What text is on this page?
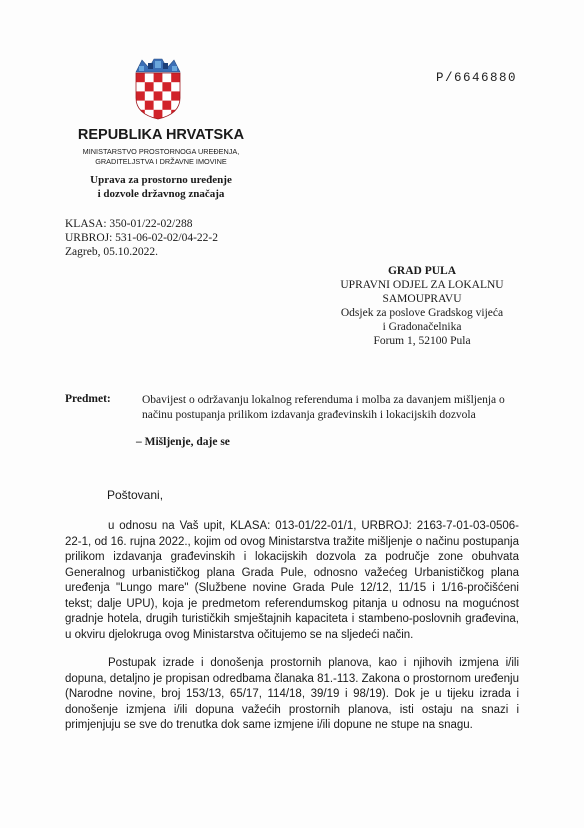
P/6646880
REPUBLIKA HRVATSKA
MINISTARSTVO PROSTORNOGA UREĐENJA,
GRADITELJSTVA I DRŽAVNE IMOVINE
Uprava za prostorno uređenje
i dozvole državnog značaja
KLASA: 350-01/22-02/288
URBROJ: 531-06-02-02/04-22-2
Zagreb, 05.10.2022.
GRAD PULA
UPRAVNI ODJEL ZA LOKALNU
SAMOUPRAVU
Odsjek za poslove Gradskog vijeća
i Gradonačelnika
Forum 1, 52100 Pula
Predmet:	Obavijest o održavanju lokalnog referenduma i molba za davanjem mišljenja o
načinu postupanja prilikom izdavanja građevinskih i lokacijskih dozvola
– Mišljenje, daje se
Poštovani,
u odnosu na Vaš upit, KLASA: 013-01/22-01/1, URBROJ: 2163-7-01-03-0506-22-1, od 16. rujna 2022., kojim od ovog Ministarstva tražite mišljenje o načinu postupanja prilikom izdavanja građevinskih i lokacijskih dozvola za područje zone obuhvata Generalnog urbanističkog plana Grada Pule, odnosno važećeg Urbanističkog plana uređenja "Lungo mare" (Službene novine Grada Pule 12/12, 11/15 i 1/16-pročišćeni tekst; dalje UPU), koja je predmetom referendumskog pitanja u odnosu na mogućnost gradnje hotela, drugih turističkih smještajnih kapaciteta i stambeno-poslovnih građevina, u okviru djelokruga ovog Ministarstva očitujemo se na sljedeći način.
Postupak izrade i donošenja prostornih planova, kao i njihovih izmjena i/ili dopuna, detaljno je propisan odredbama članaka 81.-113. Zakona o prostornom uređenju (Narodne novine, broj 153/13, 65/17, 114/18, 39/19 i 98/19). Dok je u tijeku izrada i donošenje izmjena i/ili dopuna važećih prostornih planova, isti ostaju na snazi i primjenjuju se sve do trenutka dok same izmjene i/ili dopune ne stupe na snagu.
